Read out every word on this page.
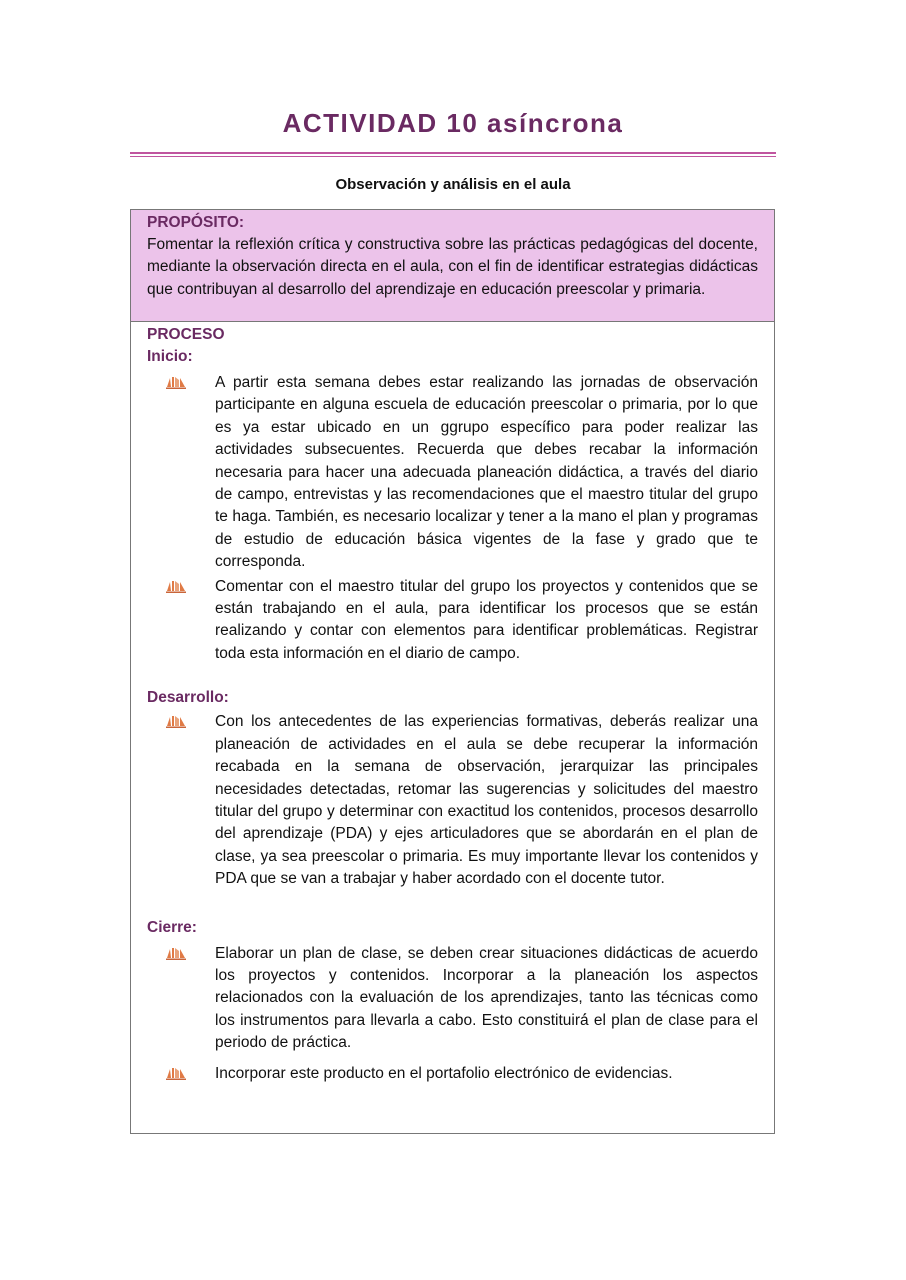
ACTIVIDAD 10 asíncrona
Observación y análisis en el aula
PROPÓSITO:
Fomentar la reflexión crítica y constructiva sobre las prácticas pedagógicas del docente, mediante la observación directa en el aula, con el fin de identificar estrategias didácticas que contribuyan al desarrollo del aprendizaje en educación preescolar y primaria.
PROCESO
Inicio:
A partir esta semana debes estar realizando las jornadas de observación participante en alguna escuela de educación preescolar o primaria, por lo que es ya estar ubicado en un ggrupo específico para poder realizar las actividades subsecuentes. Recuerda que debes recabar la información necesaria para hacer una adecuada planeación didáctica, a través del diario de campo, entrevistas y las recomendaciones que el maestro titular del grupo te haga. También, es necesario localizar y tener a la mano el plan y programas de estudio de educación básica vigentes de la fase y grado que te corresponda.
Comentar con el maestro titular del grupo los proyectos y contenidos que se están trabajando en el aula, para identificar los procesos que se están realizando y contar con elementos para identificar problemáticas. Registrar toda esta información en el diario de campo.
Desarrollo:
Con los antecedentes de las experiencias formativas, deberás realizar una planeación de actividades en el aula se debe recuperar la información recabada en la semana de observación, jerarquizar las principales necesidades detectadas, retomar las sugerencias y solicitudes del maestro titular del grupo y determinar con exactitud los contenidos, procesos desarrollo del aprendizaje (PDA) y ejes articuladores que se abordarán en el plan de clase, ya sea preescolar o primaria. Es muy importante llevar los contenidos y PDA que se van a trabajar y haber acordado con el docente tutor.
Cierre:
Elaborar un plan de clase, se deben crear situaciones didácticas de acuerdo los proyectos y contenidos. Incorporar a la planeación los aspectos relacionados con la evaluación de los aprendizajes, tanto las técnicas como los instrumentos para llevarla a cabo. Esto constituirá́ el plan de clase para el periodo de práctica.
Incorporar este producto en el portafolio electrónico de evidencias.
